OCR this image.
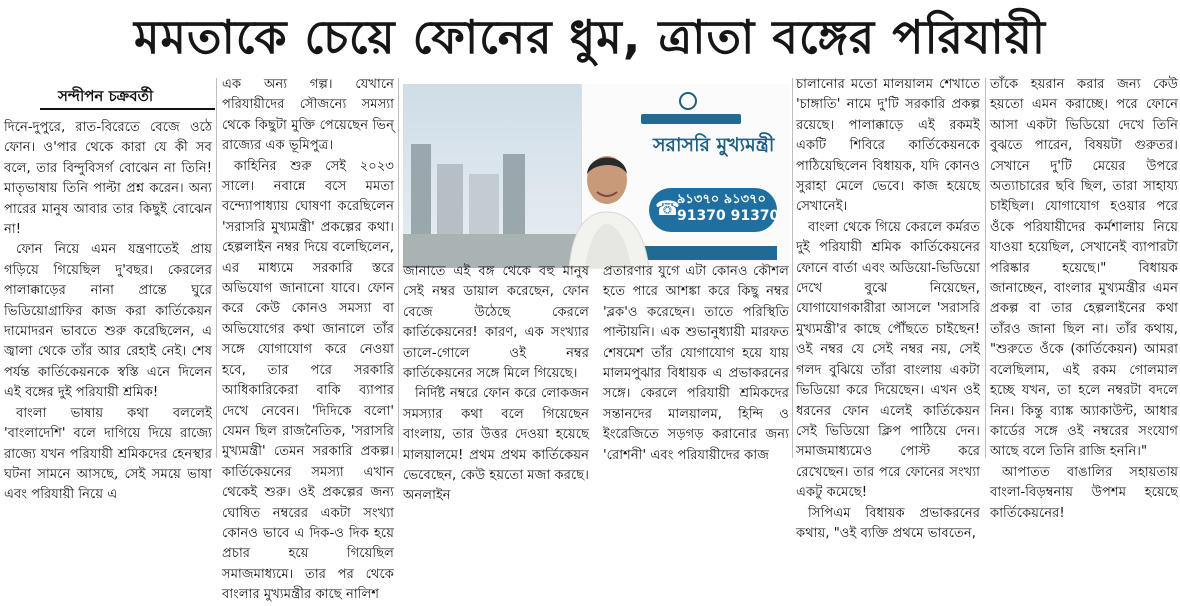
মমতাকে চেয়ে ফোনের ধুম, ত্রাতা বঙ্গের পরিযায়ী
সন্দীপন চক্রবর্তী

দিনে-দুপুরে, রাত-বিরেতে বেজে ওঠে ফোন। ও'পার থেকে কারা যে কী সব বলে, তার বিন্দুবিসর্গ বোঝেন না তিনি! মাতৃভাষায় তিনি পাল্টা প্রশ্ন করেন। অন্য পারের মানুষ আবার তার কিছুই বোঝেন না!

ফোন নিয়ে এমন যন্ত্রণাতেই প্রায় গড়িয়ে গিয়েছিল দু'বছর। কেরলের পালাক্কাড়ের নানা প্রান্তে ঘুরে ভিডিয়োগ্রাফির কাজ করা কার্তিকেয়ন দামোদরন ভাবতে শুরু করেছিলেন, এ জ্বালা থেকে তাঁর আর রেহাই নেই। শেষ পর্যন্ত কার্তিকেয়নকে স্বস্তি এনে দিলেন এই বঙ্গের দুই পরিযায়ী শ্রমিক!

বাংলা ভাষায় কথা বললেই 'বাংলাদেশি' বলে দাগিয়ে দিয়ে রাজ্যে রাজ্যে যখন পরিযায়ী শ্রমিকদের হেনস্থার ঘটনা সামনে আসছে, সেই সময়ে ভাষা এবং পরিযায়ী নিয়ে এ

এক অন্য গল্প। যেখানে পরিযায়ীদের সৌজন্যে সমস্যা থেকে কিছুটা মুক্তি পেয়েছেন ভিন্ রাজ্যের এক ভূমিপুত্র।

কাহিনির শুরু সেই ২০২৩ সালে। নবান্নে বসে মমতা বন্দ্যোপাধ্যায় ঘোষণা করেছিলেন 'সরাসরি মুখ্যমন্ত্রী' প্রকল্পের কথা। হেল্পলাইন নম্বর দিয়ে বলেছিলেন, এর মাধ্যমে সরকারি স্তরে অভিযোগ জানানো যাবে। ফোন করে কেউ কোনও সমস্যা বা অভিযোগের কথা জানালে তাঁর সঙ্গে যোগাযোগ করে নেওয়া হবে, তার পরে সরকারি আধিকারিকেরা বাকি ব্যাপার দেখে নেবেন। 'দিদিকে বলো' যেমন ছিল রাজনৈতিক, 'সরাসরি মুখ্যমন্ত্রী' তেমন সরকারি প্রকল্প। কার্তিকেয়নের সমস্যা এখান থেকেই শুরু। ওই প্রকল্পের জন্য ঘোষিত নম্বরের একটা সংখ্যা কোনও ভাবে এ দিক-ও দিক হয়ে প্রচার হয়ে গিয়েছিল সমাজমাধ্যমে। তার পর থেকে বাংলার মুখ্যমন্ত্রীর কাছে নালিশ

সরাসরি মুখ্যমন্ত্রী
☎
৯১৩৭০ ৯১৩৭০
91370 91370

জানাতে এই বঙ্গ থেকে বহু মানুষ সেই নম্বর ডায়াল করেছেন, ফোন বেজে উঠেছে কেরলে কার্তিকেয়নের! কারণ, এক সংখ্যার তালে-গোলে ওই নম্বর কার্তিকেয়নের সঙ্গে মিলে গিয়েছে।

নির্দিষ্ট নম্বরে ফোন করে লোকজন সমস্যার কথা বলে গিয়েছেন বাংলায়, তার উত্তর দেওয়া হয়েছে মালয়ালমে! প্রথম প্রথম কার্তিকেয়ন ভেবেছেন, কেউ হয়তো মজা করছে। অনলাইন

প্রতারণার যুগে এটা কোনও কৌশল হতে পারে আশঙ্কা করে কিছু নম্বর 'ব্লক'ও করেছেন। তাতে পরিস্থিতি পাল্টায়নি। এক শুভানুধ্যায়ী মারফত শেষমেশ তাঁর যোগাযোগ হয়ে যায় মালমপুঝার বিধায়ক এ প্রভাকরনের সঙ্গে। কেরলে পরিযায়ী শ্রমিকদের সন্তানদের মালয়ালম, হিন্দি ও ইংরেজিতে সড়গড় করানোর জন্য 'রোশনী' এবং পরিযায়ীদের কাজ

চালানোর মতো মালয়ালম শেখাতে 'চাঙ্গাতি' নামে দু'টি সরকারি প্রকল্প রয়েছে। পালাক্কাড়ে এই রকমই একটি শিবিরে কার্তিকেয়নকে পাঠিয়েছিলেন বিধায়ক, যদি কোনও সুরাহা মেলে ভেবে। কাজ হয়েছে সেখানেই।

বাংলা থেকে গিয়ে কেরলে কর্মরত দুই পরিযায়ী শ্রমিক কার্তিকেয়নের ফোনে বার্তা এবং অডিয়ো-ভিডিয়ো দেখে বুঝে নিয়েছেন, যোগাযোগকারীরা আসলে 'সরাসরি মুখ্যমন্ত্রী'র কাছে পৌঁছতে চাইছেন! ওই নম্বর যে সেই নম্বর নয়, সেই গলদ বুঝিয়ে তাঁরা বাংলায় একটা ভিডিয়ো করে দিয়েছেন। এখন ওই ধরনের ফোন এলেই কার্তিকেয়ন সেই ভিডিয়ো ক্লিপ পাঠিয়ে দেন। সমাজমাধ্যমেও পোস্ট করে রেখেছেন। তার পরে ফোনের সংখ্যা একটু কমেছে!

সিপিএম বিধায়ক প্রভাকরনের কথায়, "ওই ব্যক্তি প্রথমে ভাবতেন,

তাঁকে হয়রান করার জন্য কেউ হয়তো এমন করাচ্ছে। পরে ফোনে আসা একটা ভিডিয়ো দেখে তিনি বুঝতে পারেন, বিষয়টা গুরুতর। সেখানে দু'টি মেয়ের উপরে অত্যাচারের ছবি ছিল, তারা সাহায্য চাইছিল। যোগাযোগ হওয়ার পরে ওঁকে পরিযায়ীদের কর্মশালায় নিয়ে যাওয়া হয়েছিল, সেখানেই ব্যাপারটা পরিষ্কার হয়েছে।" বিধায়ক জানাচ্ছেন, বাংলার মুখ্যমন্ত্রীর এমন প্রকল্প বা তার হেল্পলাইনের কথা তাঁরও জানা ছিল না। তাঁর কথায়, "শুরুতে ওঁকে (কার্তিকেয়ন) আমরা বলেছিলাম, এই রকম গোলমাল হচ্ছে যখন, তা হলে নম্বরটা বদলে নিন। কিন্তু ব্যাঙ্ক অ্যাকাউন্ট, আধার কার্ডের সঙ্গে ওই নম্বরের সংযোগ আছে বলে তিনি রাজি হননি।"

আপাতত বাঙালির সহায়তায় বাংলা-বিড়ম্বনায় উপশম হয়েছে কার্তিকেয়নের!
